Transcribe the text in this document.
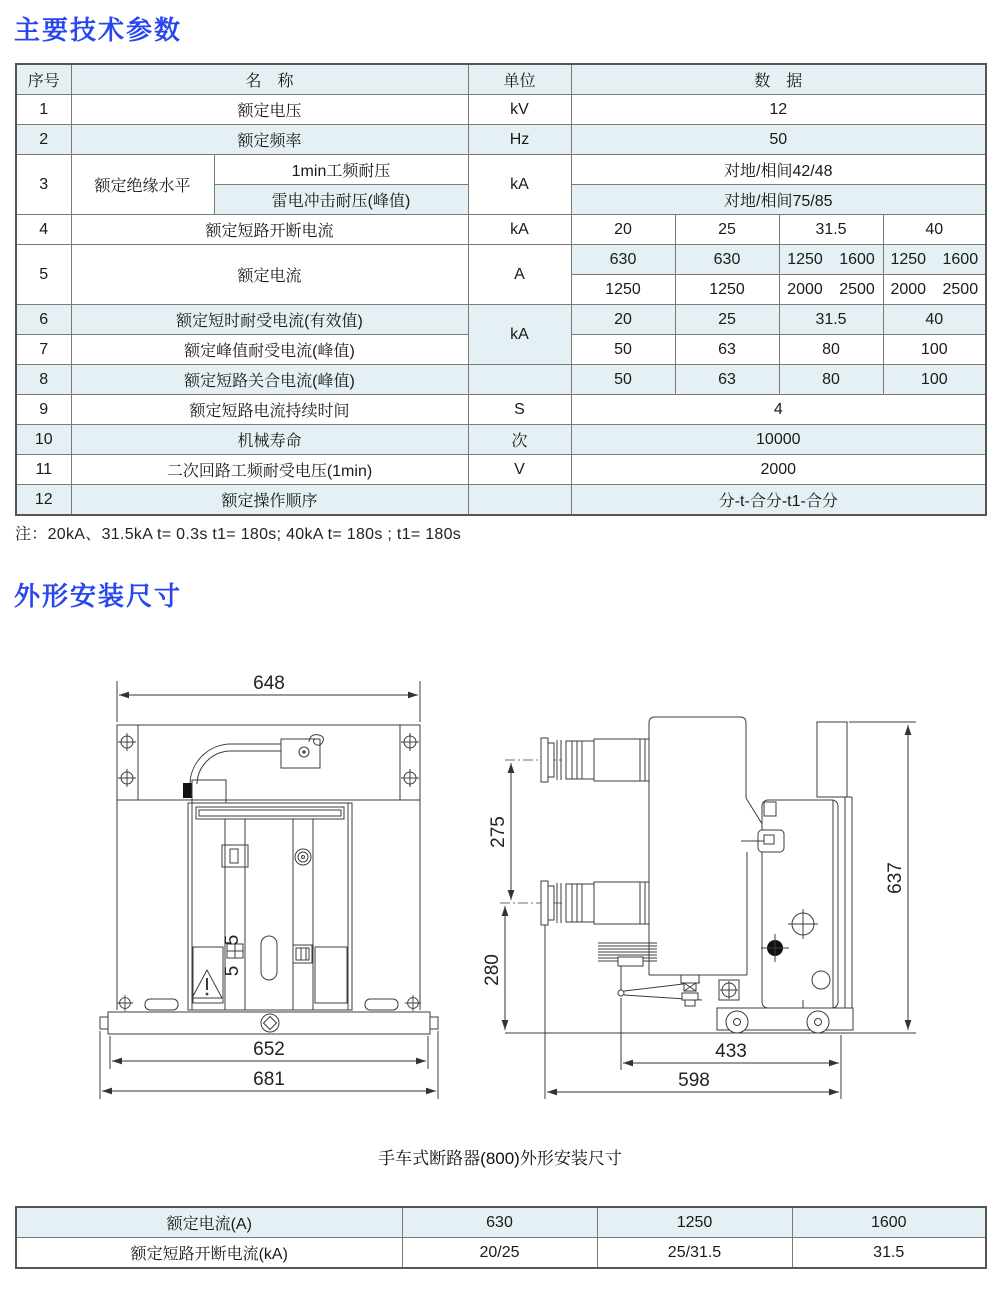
主要技术参数
序号	名　称		单位	数　据			
1	额定电压		kV	12			
2	额定频率		Hz	50			
3	额定绝缘水平	1min工频耐压	kA	对地/相间42/48			
		雷电冲击耐压(峰值)		对地/相间75/85			
4	额定短路开断电流		kA	20	25	31.5	40
5	额定电流		A	630	630	1250 1600	1250 1600
				1250	1250	2000 2500	2000 2500
6	额定短时耐受电流(有效值)		kA	20	25	31.5	40
7	额定峰值耐受电流(峰值)			50	63	80	100
8	额定短路关合电流(峰值)			50	63	80	100
9	额定短路电流持续时间		S	4			
10	机械寿命		次	10000			
11	二次回路工频耐受电压(1min)		V	2000			
12	额定操作顺序			分-t-合分-t1-合分			
注：20kA、31.5kA t= 0.3s t1= 180s; 40kA t= 180s ; t1= 180s
外形安装尺寸
648
5
5
652
681
275
280
637
433
598
手车式断路器(800)外形安装尺寸
额定电流(A)	630	1250	1600
额定短路开断电流(kA)	20/25	25/31.5	31.5
